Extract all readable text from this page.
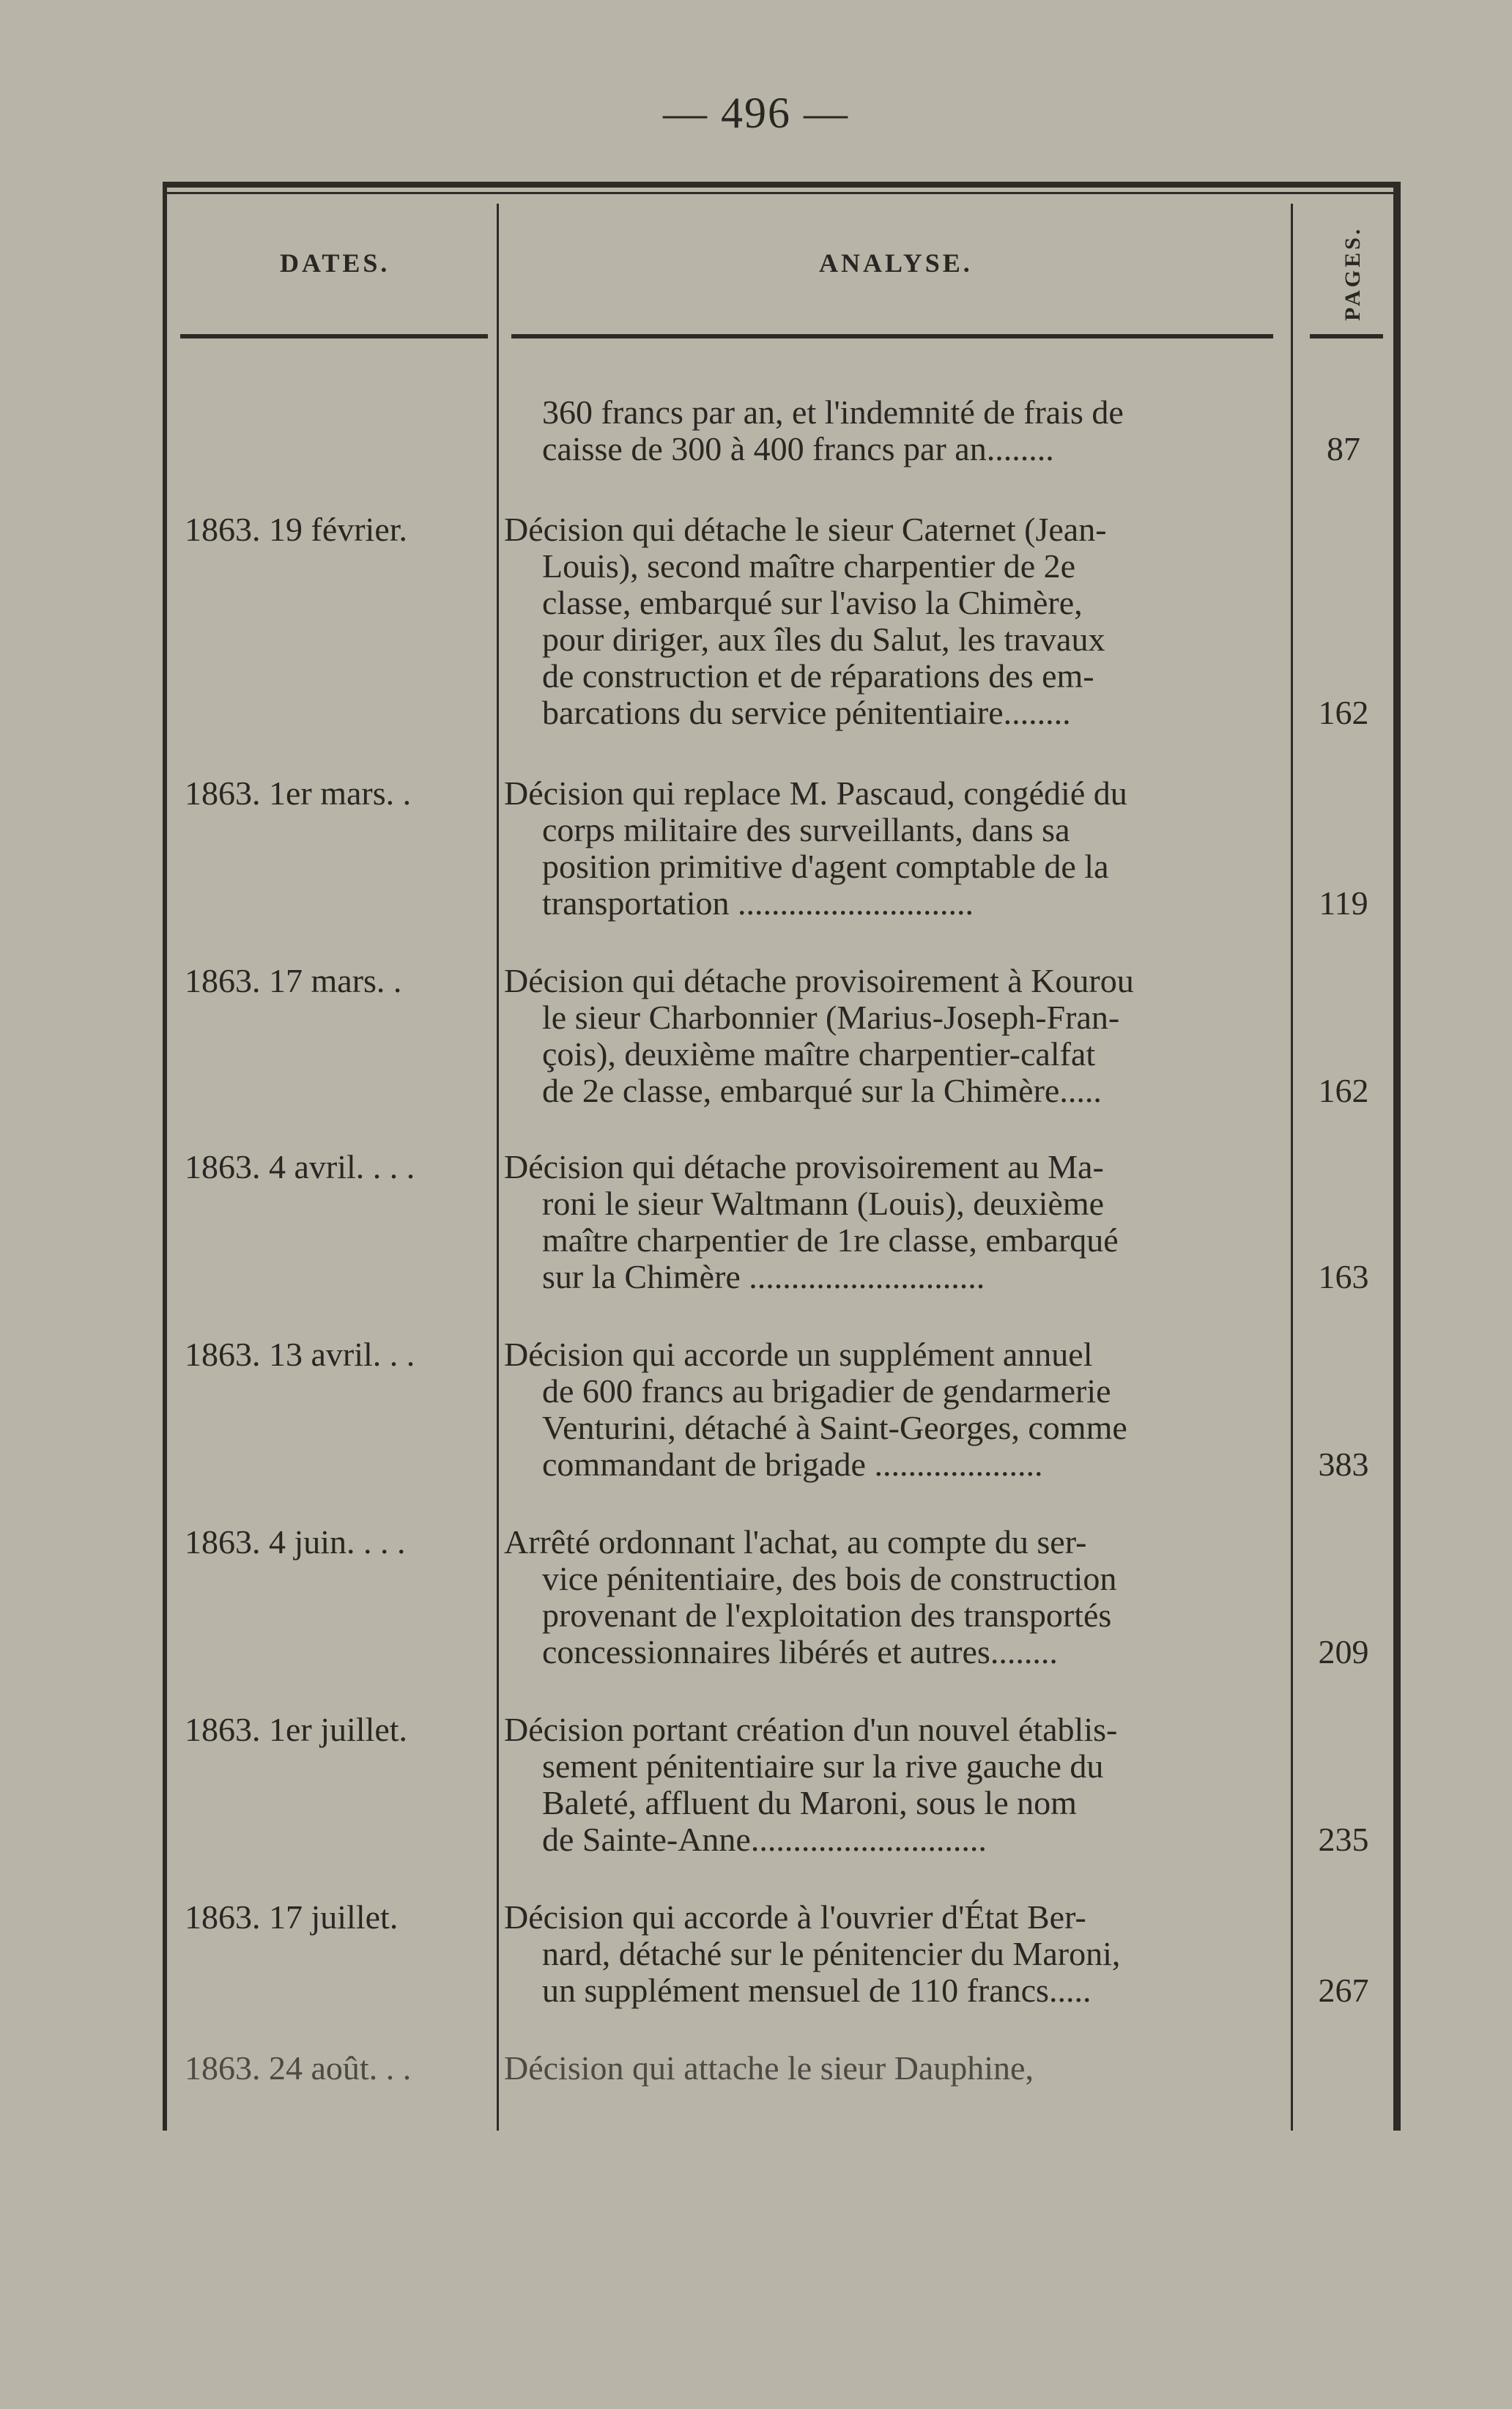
— 496 —
DATES.	ANALYSE.	PAGES.
360 francs par an, et l'indemnité de frais de
caisse de 300 à 400 francs par an........	87
1863. 19 février.	Décision qui détache le sieur Caternet (Jean-
Louis), second maître charpentier de 2e
classe, embarqué sur l'aviso la Chimère,
pour diriger, aux îles du Salut, les travaux
de construction et de réparations des em-
barcations du service pénitentiaire........	162
1863. 1er mars. .	Décision qui replace M. Pascaud, congédié du
corps militaire des surveillants, dans sa
position primitive d'agent comptable de la
transportation ............................	119
1863. 17 mars. .	Décision qui détache provisoirement à Kourou
le sieur Charbonnier (Marius-Joseph-Fran-
çois), deuxième maître charpentier-calfat
de 2e classe, embarqué sur la Chimère.....	162
1863. 4 avril. . . .	Décision qui détache provisoirement au Ma-
roni le sieur Waltmann (Louis), deuxième
maître charpentier de 1re classe, embarqué
sur la Chimère ............................	163
1863. 13 avril. . .	Décision qui accorde un supplément annuel
de 600 francs au brigadier de gendarmerie
Venturini, détaché à Saint-Georges, comme
commandant de brigade ....................	383
1863. 4 juin. . . .	Arrêté ordonnant l'achat, au compte du ser-
vice pénitentiaire, des bois de construction
provenant de l'exploitation des transportés
concessionnaires libérés et autres........	209
1863. 1er juillet.	Décision portant création d'un nouvel établis-
sement pénitentiaire sur la rive gauche du
Baleté, affluent du Maroni, sous le nom
de Sainte-Anne............................	235
1863. 17 juillet.	Décision qui accorde à l'ouvrier d'État Ber-
nard, détaché sur le pénitencier du Maroni,
un supplément mensuel de 110 francs.....	267
1863. 24 août. . .	Décision qui attache le sieur Dauphine,
